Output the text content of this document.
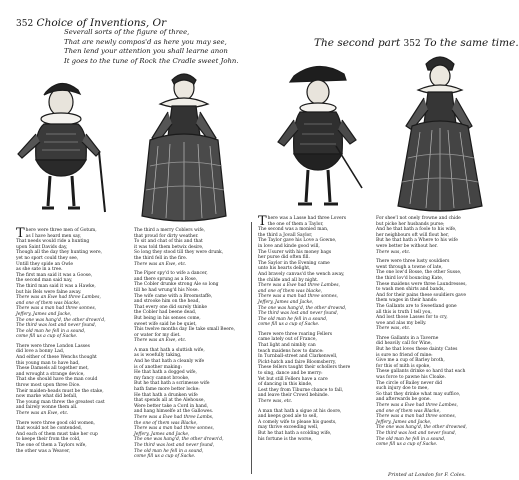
352 Choice of Inventions, Or
The second part 352 To the same time.
Severall sorts of the figure of three,
That are newly compos'd as here you may see,
Then lend your attention you shall learne anon
It goes to the tune of Rock the Cradle sweet John.
There were three men of Gotum,
as I have heard men say,
That needs would ride a hunting
upon Saint Davids day,
Though all the day they hunting were,
yet no sport could they see,
Untill they spide an Owle
as she sate in a tree.
The first man said it was a Goose,
the second man said nay,
The third man said it was a Hawke,
but his Bels were falne away.
There was an Ewe had three Lambes,
and one of them was blacke,
There was a man had three sonnes,
Jeffery, James and Jacke,
The one was hang'd, the other drown'd,
The third was lost and never found,
The old man he fell in a sound,
come fill us a cup of Sacke.
There were three London Lasses
did love a bonny Lad,
And either of these Wenchs thought
this young man to have had,
These Damsels all together met,
and wrought a strange device,
That she should have the man could
throw most upon three Dice.
Their maiden-heads must be the stake,
now marke what did befall,
The young man threw the greatest cast
and fairely wonne them all.
There was an Ewe, etc.
There were three good old women,
that would not be contended,
And each of them must take her cup
to keepe their from the cold,
The one of them a Taylors wife,
the other was a Weaver,
The third a merry Coblers wife,
that proud for dirty weather.
To sit and chat of this and that
it was told them betwix desire,
So long they stood till they were drunk,
the third fell in the fire.
There was an Ewe, etc.
The Piper spy'd to wife a dancer,
and there sprung as a Rose,
The Cobler drunke strong Ale so long
till he had wrung'd his Nose.
The wife came with a Broomstaffe,
and strooke him on the head,
That every one did surely thinke
the Cobler had beene dead,
But being in his senses come,
sweet wife said he be quiet,
This twelve months day Ile take small Beere,
or water for my diet.
There was an Ewe, etc.
A man that hath a sluttish wife,
as is woefully taking,
And he that hath a cleanly wife
is of another making:
He that hath a dogged wife,
my fancy cannot brooke,
But he that hath a scrimesse wife
hath fame more better locke:
He that hath a drunken wife
that spends all at the Alehouse,
Were better take a Cord in hand,
and hang himselfe at the Gallowes.
There was a Ewe had three Lambs,
the one of them was Blacke,
There was a man had three sonnes,
Jeffery, James and Jacke,
The one was hang'd, the other drown'd,
The third was lost and never found,
The old man he fell in a sound,
come fill us a cup of Sacke.
There was a Lasse had three Lovers
the one of them a Taylor,
The second was a monied man,
the third a Jovall Saylor,
The Taylor gave his Love a Gowne,
in love and kinde good will,
The Usurer with his money bags
her purse did often fill.
The Saylor in the Evening came
unto his hearts delight,
And bravely canvas'd the wench away,
the childe and all by night.
There was a Ewe had three Lambes,
and one of them was blacke,
There was a man had three sonnes,
Jeffery, James and Jacke,
The one was hang'd, the other drownd,
The third was lost and never found,
The old man he fell in a sound,
come fill us a cup of Sacke.
There were three roaring Fellers
came lately out of France,
That light and nimbly can
teach maidens how to dance:
In Turnball-street and Clarkenwell,
Pickt-hatch and faire Bloomsberry,
These fellers taught their schollers there
to sing, dance and be merry:
Yet but still Fellers have a care
of dancing in this kinde,
Lest they from Tiburne chance to fall,
and leave their Crowd behinde.
There was, etc.
A man that hath a sigue at his doore,
and keeps good ale to sell,
A comely wife to please his guests,
may thrive exceeding well,
But he that hath a scolding wife,
his fortune is the worse,
For shee'l not onely frowne and chide
but picke her husbands purse;
And he that hath a foole to his wife,
her neighbours oft will flout her,
But he that hath a Where to his wife
were better be without her.
There was, etc.
There were three lusty souldiers
went through a towne of late,
The one low'd Bosse, the other Susse,
the third lov'd bouncing Kate,
These maidens were three Laundresses,
to wash men shirts and bands,
And for their pains these souldiers gave
them wages in their hands:
The Gallants are to Sweetland gone
all this is truth I tell you,
And lost those Lasses for to cry,
woe and alas my belly.
There was, etc.
Three Gallants in a Taverne
did heavily call for Wine,
But he that loves these dainty Cates
is sure no friend of mine:
Give me a cup of Barley broth,
for this of mith is spoke,
These gallants drinke so hard that each
was force to pawne his Cloake.
The circle of Bailey never did
such injury doe to mee,
So that they drinke what may suffice,
and afterwards be gone.
There was a Ewe had three Lambes,
and one of them was Blacke,
There was a man had three sonnes,
Jeffery, James and Jacke,
The one was hang'd, the other drowned,
The third was lost and never found,
The old man he fell in a sound,
come fill us a cup of Sacke.
Printed at London for F. Coles.
